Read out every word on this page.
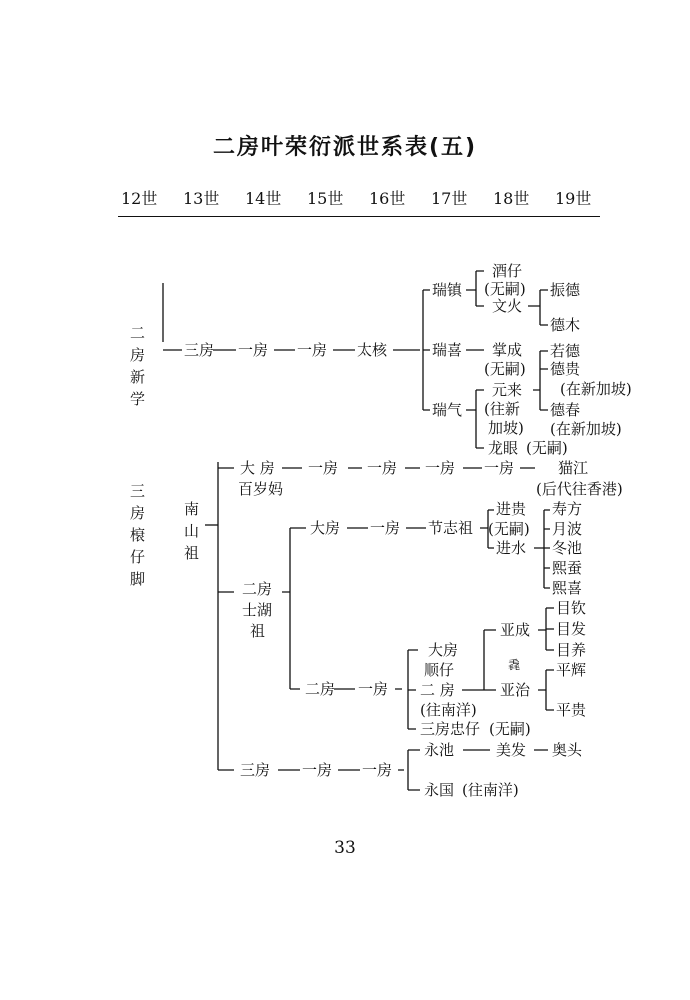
二房叶荣衍派世系表(五)
12世 13世 14世 15世 16世 17世 18世 19世
二房新学
三房 一房 一房 太核
瑞镇
瑞喜
瑞气
酒仔
(无嗣)
文火
振德
德木
掌成
(无嗣)
元来
(往新
加坡)
龙眼 (无嗣)
若德
德贵
(在新加坡)
德春
(在新加坡)
三房榱仔脚
南山祖
大 房
百岁妈
一房 一房 一房 一房	猫江
(后代往香港)
二房
士湖
祖
大房 一房 节志祖
进贵
(无嗣)
进水
寿方
月波
冬池
熙蚕
熙喜
二房 一房
大房
顺仔
二 房
(往南洋)
三房忠仔 (无嗣)
亚成
亚治
毳
目钦
目发
目养
平辉
平贵
三房 一房 一房
永池	美发 奥头
永国 (往南洋)
33
